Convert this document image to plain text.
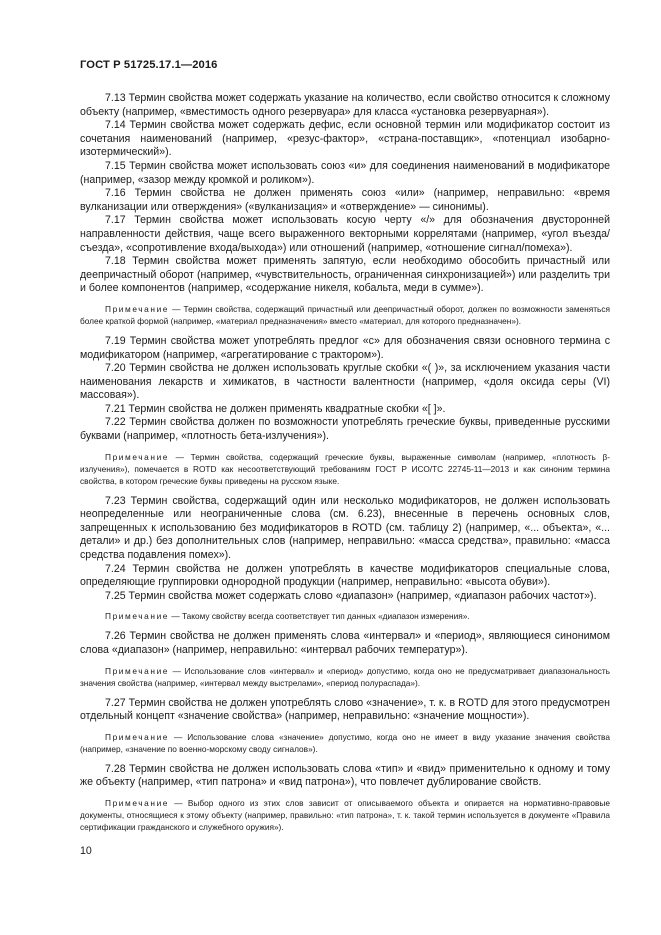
ГОСТ Р 51725.17.1—2016

7.13 Термин свойства может содержать указание на количество, если свойство относится к сложному объекту (например, «вместимость одного резервуара» для класса «установка резервуарная»).

7.14 Термин свойства может содержать дефис, если основной термин или модификатор состоит из сочетания наименований (например, «резус-фактор», «страна-поставщик», «потенциал изобарно-изотермический»).

7.15 Термин свойства может использовать союз «и» для соединения наименований в модификаторе (например, «зазор между кромкой и роликом»).

7.16 Термин свойства не должен применять союз «или» (например, неправильно: «время вулканизации или отверждения» («вулканизация» и «отверждение» — синонимы).

7.17 Термин свойства может использовать косую черту «/» для обозначения двусторонней направленности действия, чаще всего выраженного векторными коррелятами (например, «угол въезда/съезда», «сопротивление входа/выхода») или отношений (например, «отношение сигнал/помеха»).

7.18 Термин свойства может применять запятую, если необходимо обособить причастный или деепричастный оборот (например, «чувствительность, ограниченная синхронизацией») или разделить три и более компонентов (например, «содержание никеля, кобальта, меди в сумме»).

Примечание — Термин свойства, содержащий причастный или деепричастный оборот, должен по возможности заменяться более краткой формой (например, «материал предназначения» вместо «материал, для которого предназначен»).

7.19 Термин свойства может употреблять предлог «с» для обозначения связи основного термина с модификатором (например, «агрегатирование с трактором»).

7.20 Термин свойства не должен использовать круглые скобки «( )», за исключением указания части наименования лекарств и химикатов, в частности валентности (например, «доля оксида серы (VI) массовая»).

7.21 Термин свойства не должен применять квадратные скобки «[ ]».

7.22 Термин свойства должен по возможности употреблять греческие буквы, приведенные русскими буквами (например, «плотность бета-излучения»).

Примечание — Термин свойства, содержащий греческие буквы, выраженные символам (например, «плотность β-излучения»), помечается в ROTD как несоответствующий требованиям ГОСТ Р ИСО/ТС 22745-11—2013 и как синоним термина свойства, в котором греческие буквы приведены на русском языке.

7.23 Термин свойства, содержащий один или несколько модификаторов, не должен использовать неопределенные или неограниченные слова (см. 6.23), внесенные в перечень основных слов, запрещенных к использованию без модификаторов в ROTD (см. таблицу 2) (например, «... объекта», «... детали» и др.) без дополнительных слов (например, неправильно: «масса средства», правильно: «масса средства подавления помех»).

7.24 Термин свойства не должен употреблять в качестве модификаторов специальные слова, определяющие группировки однородной продукции (например, неправильно: «высота обуви»).

7.25 Термин свойства может содержать слово «диапазон» (например, «диапазон рабочих частот»).

Примечание — Такому свойству всегда соответствует тип данных «диапазон измерения».

7.26 Термин свойства не должен применять слова «интервал» и «период», являющиеся синонимом слова «диапазон» (например, неправильно: «интервал рабочих температур»).

Примечание — Использование слов «интервал» и «период» допустимо, когда оно не предусматривает диапазональность значения свойства (например, «интервал между выстрелами», «период полураспада»).

7.27 Термин свойства не должен употреблять слово «значение», т. к. в ROTD для этого предусмотрен отдельный концепт «значение свойства» (например, неправильно: «значение мощности»).

Примечание — Использование слова «значение» допустимо, когда оно не имеет в виду указание значения свойства (например, «значение по военно-морскому своду сигналов»).

7.28 Термин свойства не должен использовать слова «тип» и «вид» применительно к одному и тому же объекту (например, «тип патрона» и «вид патрона»), что повлечет дублирование свойств.

Примечание — Выбор одного из этих слов зависит от описываемого объекта и опирается на нормативно-правовые документы, относящиеся к этому объекту (например, правильно: «тип патрона», т. к. такой термин используется в документе «Правила сертификации гражданского и служебного оружия»).

10
